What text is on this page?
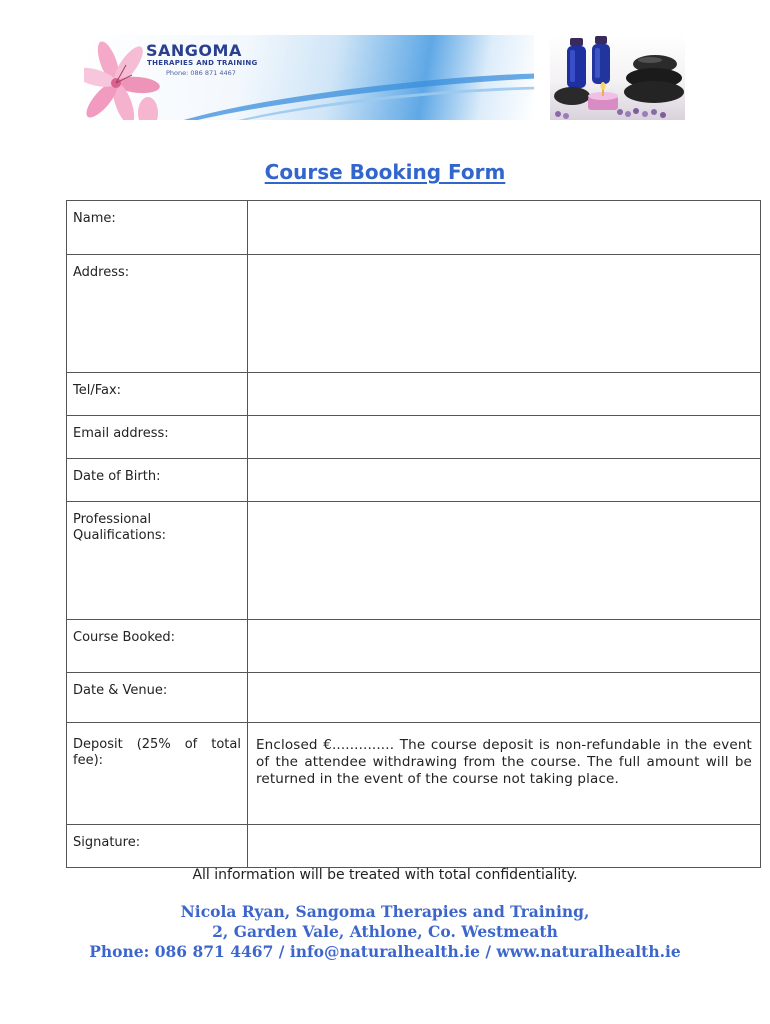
SANGOMA
THERAPIES AND TRAINING
Phone: 086 871 4467
Course Booking Form
Name:	
Address:	
Tel/Fax:	
Email address:	
Date of Birth:	
Professional Qualifications:	
Course Booked:	
Date & Venue:	
Deposit (25% of total fee):	Enclosed €.............. The course deposit is non-refundable in the event of the attendee withdrawing from the course. The full amount will be returned in the event of the course not taking place.
Signature:	
All information will be treated with total confidentiality.
Nicola Ryan, Sangoma Therapies and Training,
2, Garden Vale, Athlone, Co. Westmeath
Phone: 086 871 4467 / info@naturalhealth.ie / www.naturalhealth.ie
